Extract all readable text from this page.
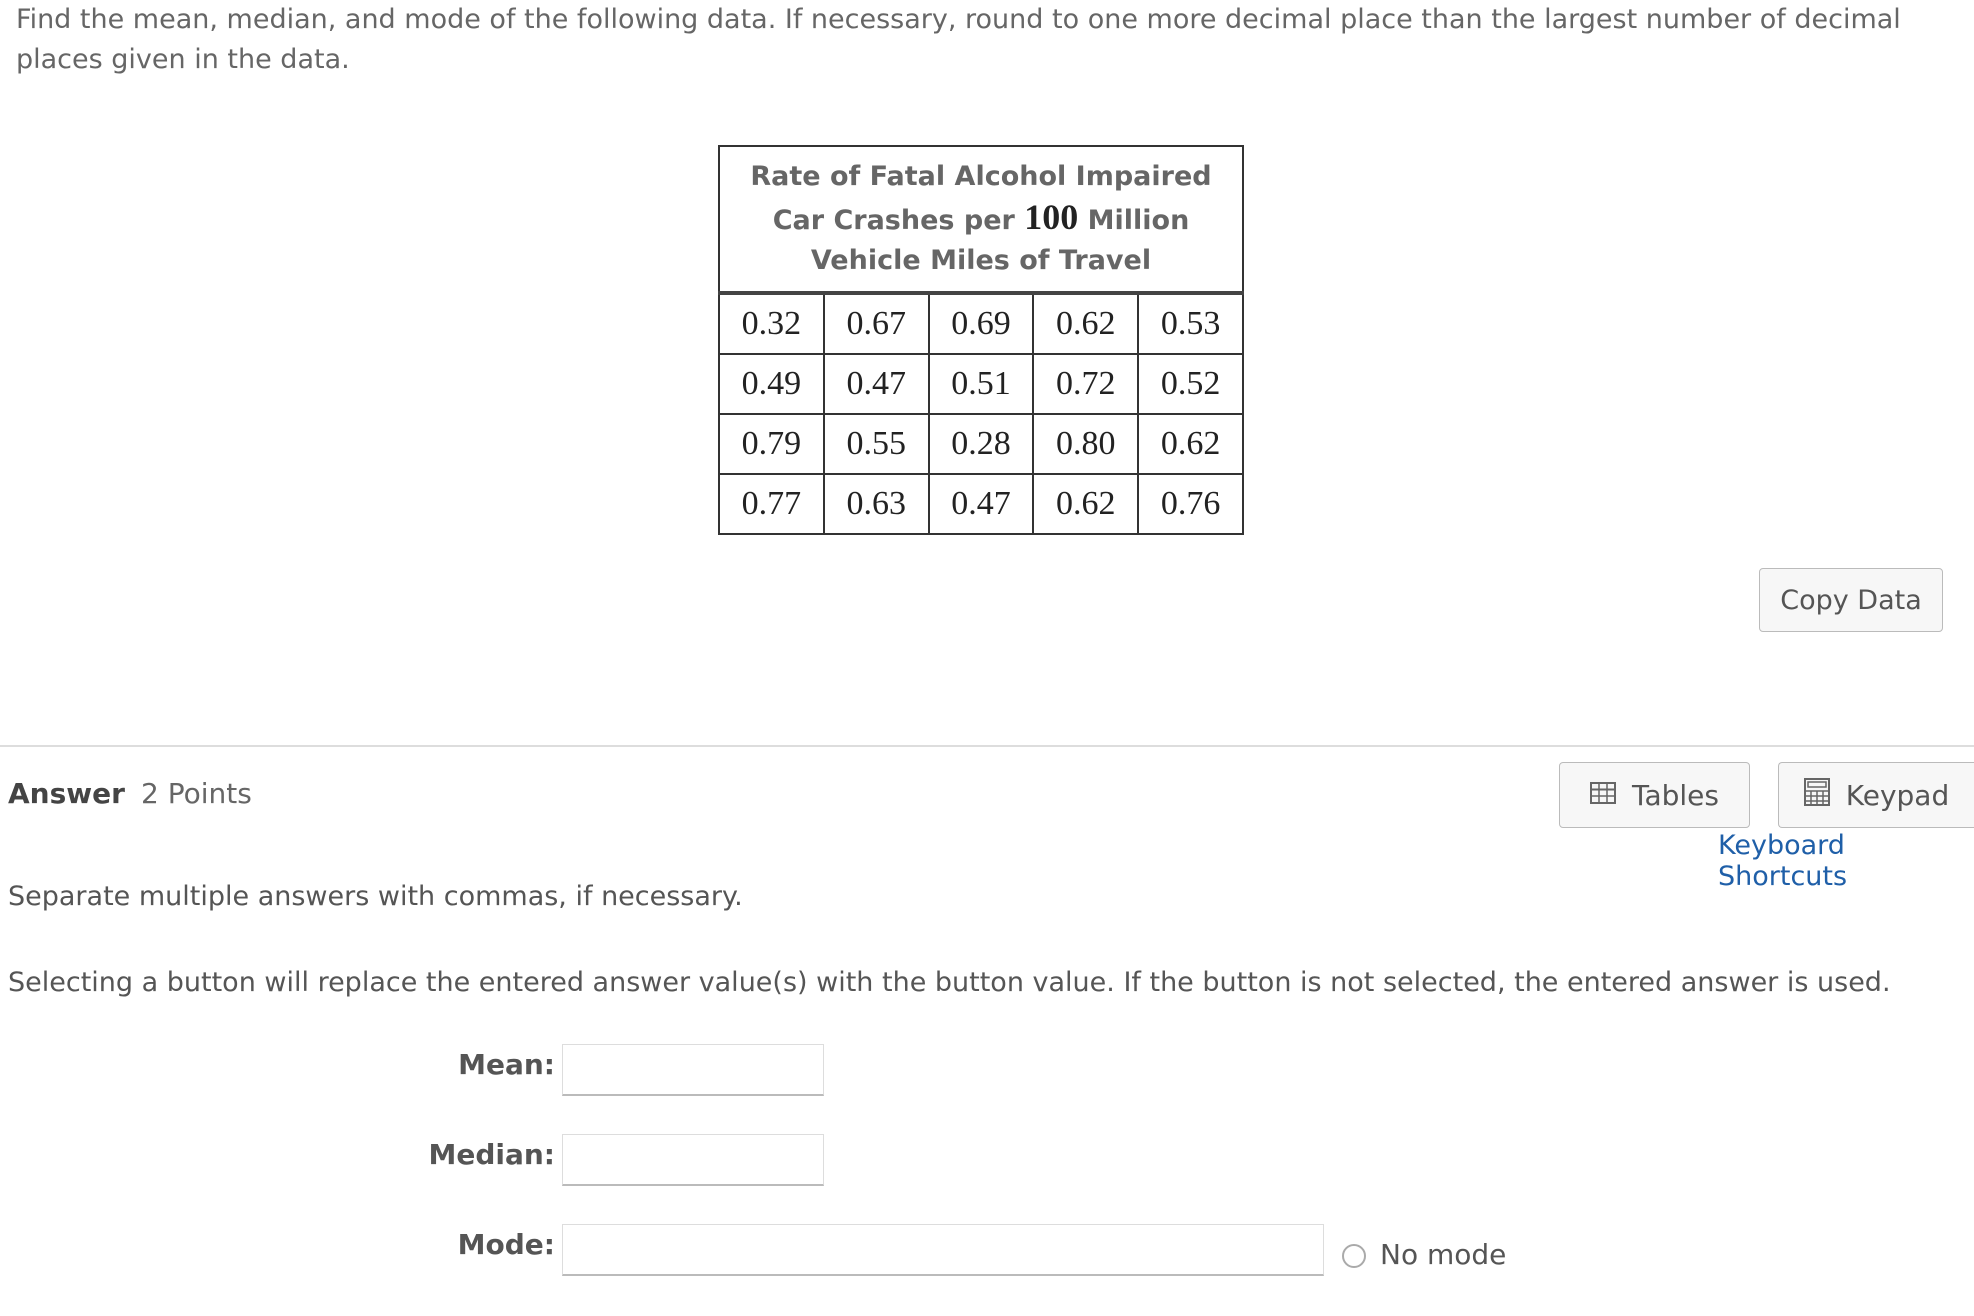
Find the mean, median, and mode of the following data. If necessary, round to one more decimal place than the largest number of decimal places given in the data.
Rate of Fatal Alcohol Impaired Car Crashes per 100 Million Vehicle Miles of Travel				
0.32	0.67	0.69	0.62	0.53
0.49	0.47	0.51	0.72	0.52
0.79	0.55	0.28	0.80	0.62
0.77	0.63	0.47	0.62	0.76
Copy Data
Answer 2 Points	Tables	Keypad
Keyboard Shortcuts
Separate multiple answers with commas, if necessary.
Selecting a button will replace the entered answer value(s) with the button value. If the button is not selected, the entered answer is used.
Mean:
Median:
Mode:	No mode
